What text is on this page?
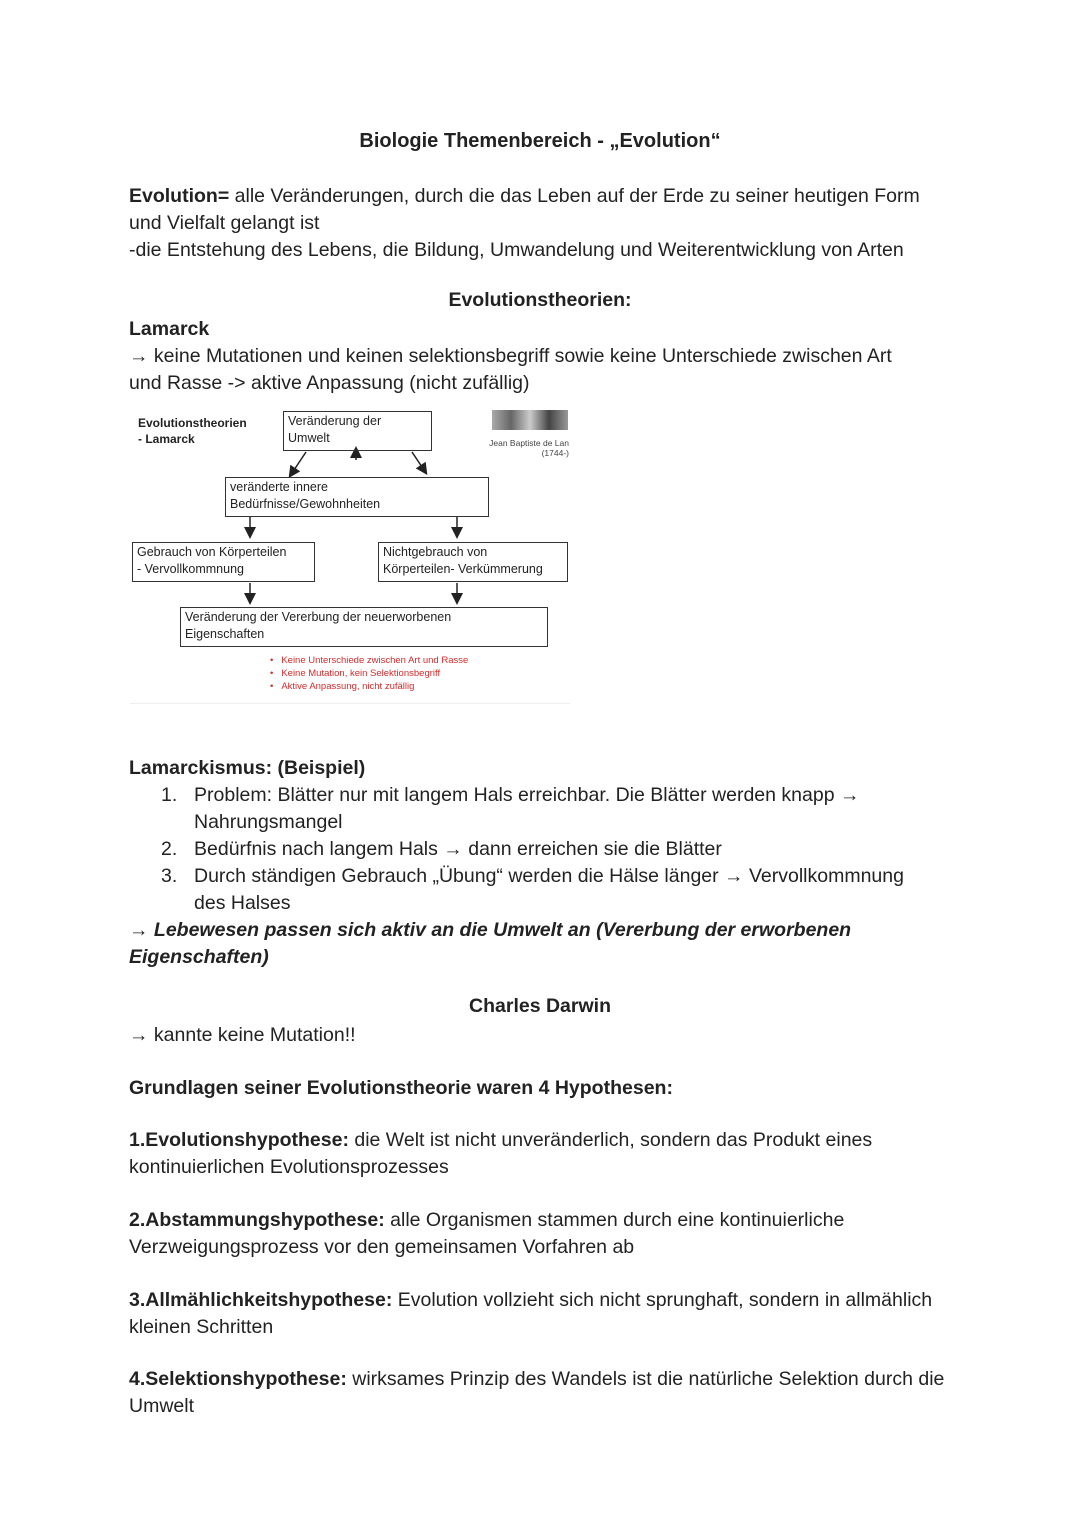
Biologie Themenbereich - „Evolution“
Evolution= alle Veränderungen, durch die das Leben auf der Erde zu seiner heutigen Form
und Vielfalt gelangt ist
-die Entstehung des Lebens, die Bildung, Umwandelung und Weiterentwicklung von Arten
Evolutionstheorien:
Lamarck
→ keine Mutationen und keinen selektionsbegriff sowie keine Unterschiede zwischen Art
und Rasse -> aktive Anpassung (nicht zufällig)
Evolutionstheorien
- Lamarck
Veränderung der
Umwelt	Jean Baptiste de Lan
(1744-)
veränderte innere
Bedürfnisse/Gewohnheiten
Gebrauch von Körperteilen
- Vervollkommnung
Nichtgebrauch von
Körperteilen- Verkümmerung
Veränderung der Vererbung der neuerworbenen
Eigenschaften
• Keine Unterschiede zwischen Art und Rasse
• Keine Mutation, kein Selektionsbegriff
• Aktive Anpassung, nicht zufällig
Lamarckismus: (Beispiel)
1. Problem: Blätter nur mit langem Hals erreichbar. Die Blätter werden knapp →
Nahrungsmangel
2. Bedürfnis nach langem Hals → dann erreichen sie die Blätter
3. Durch ständigen Gebrauch „Übung“ werden die Hälse länger → Vervollkommnung
des Halses
→ Lebewesen passen sich aktiv an die Umwelt an (Vererbung der erworbenen
Eigenschaften)
Charles Darwin
→ kannte keine Mutation!!
Grundlagen seiner Evolutionstheorie waren 4 Hypothesen:
1.Evolutionshypothese: die Welt ist nicht unveränderlich, sondern das Produkt eines
kontinuierlichen Evolutionsprozesses
2.Abstammungshypothese: alle Organismen stammen durch eine kontinuierliche
Verzweigungsprozess vor den gemeinsamen Vorfahren ab
3.Allmählichkeitshypothese: Evolution vollzieht sich nicht sprunghaft, sondern in allmählich
kleinen Schritten
4.Selektionshypothese: wirksames Prinzip des Wandels ist die natürliche Selektion durch die
Umwelt
